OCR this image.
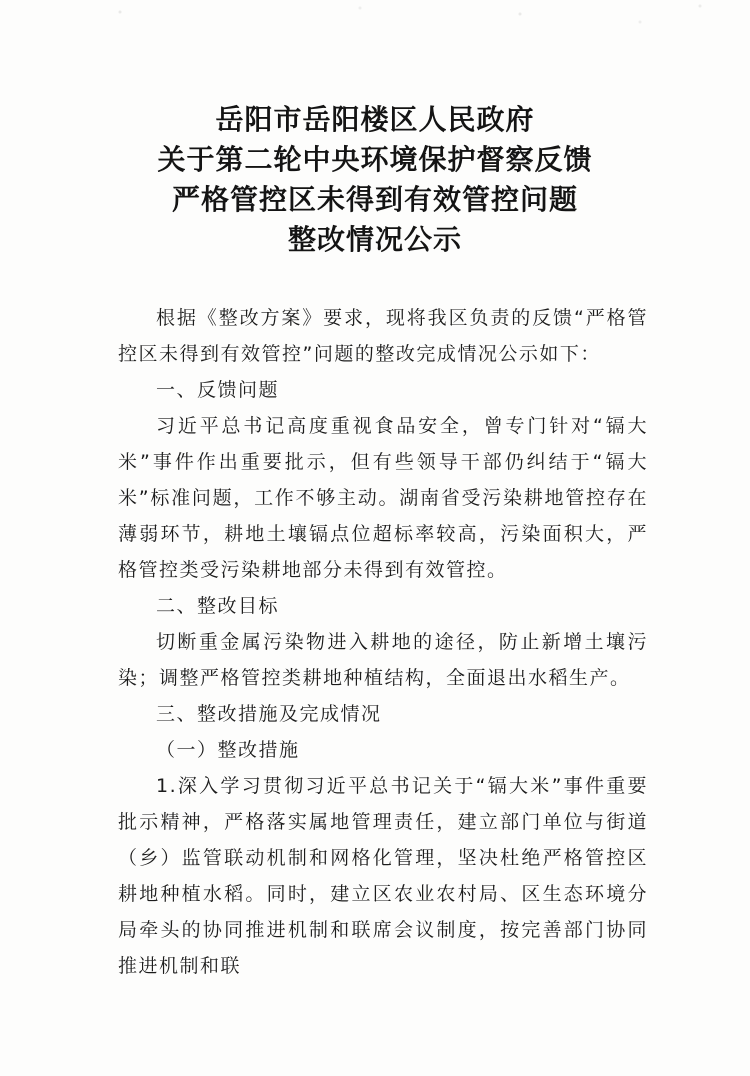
岳阳市岳阳楼区人民政府
关于第二轮中央环境保护督察反馈
严格管控区未得到有效管控问题
整改情况公示

根据《整改方案》要求，现将我区负责的反馈“严格管控区未得到有效管控”问题的整改完成情况公示如下：

一、反馈问题

习近平总书记高度重视食品安全，曾专门针对“镉大米”事件作出重要批示，但有些领导干部仍纠结于“镉大米”标准问题，工作不够主动。湖南省受污染耕地管控存在薄弱环节，耕地土壤镉点位超标率较高，污染面积大，严格管控类受污染耕地部分未得到有效管控。

二、整改目标

切断重金属污染物进入耕地的途径，防止新增土壤污染；调整严格管控类耕地种植结构，全面退出水稻生产。

三、整改措施及完成情况

（一）整改措施

1.深入学习贯彻习近平总书记关于“镉大米”事件重要批示精神，严格落实属地管理责任，建立部门单位与街道（乡）监管联动机制和网格化管理，坚决杜绝严格管控区耕地种植水稻。同时，建立区农业农村局、区生态环境分局牵头的协同推进机制和联席会议制度，按完善部门协同推进机制和联
